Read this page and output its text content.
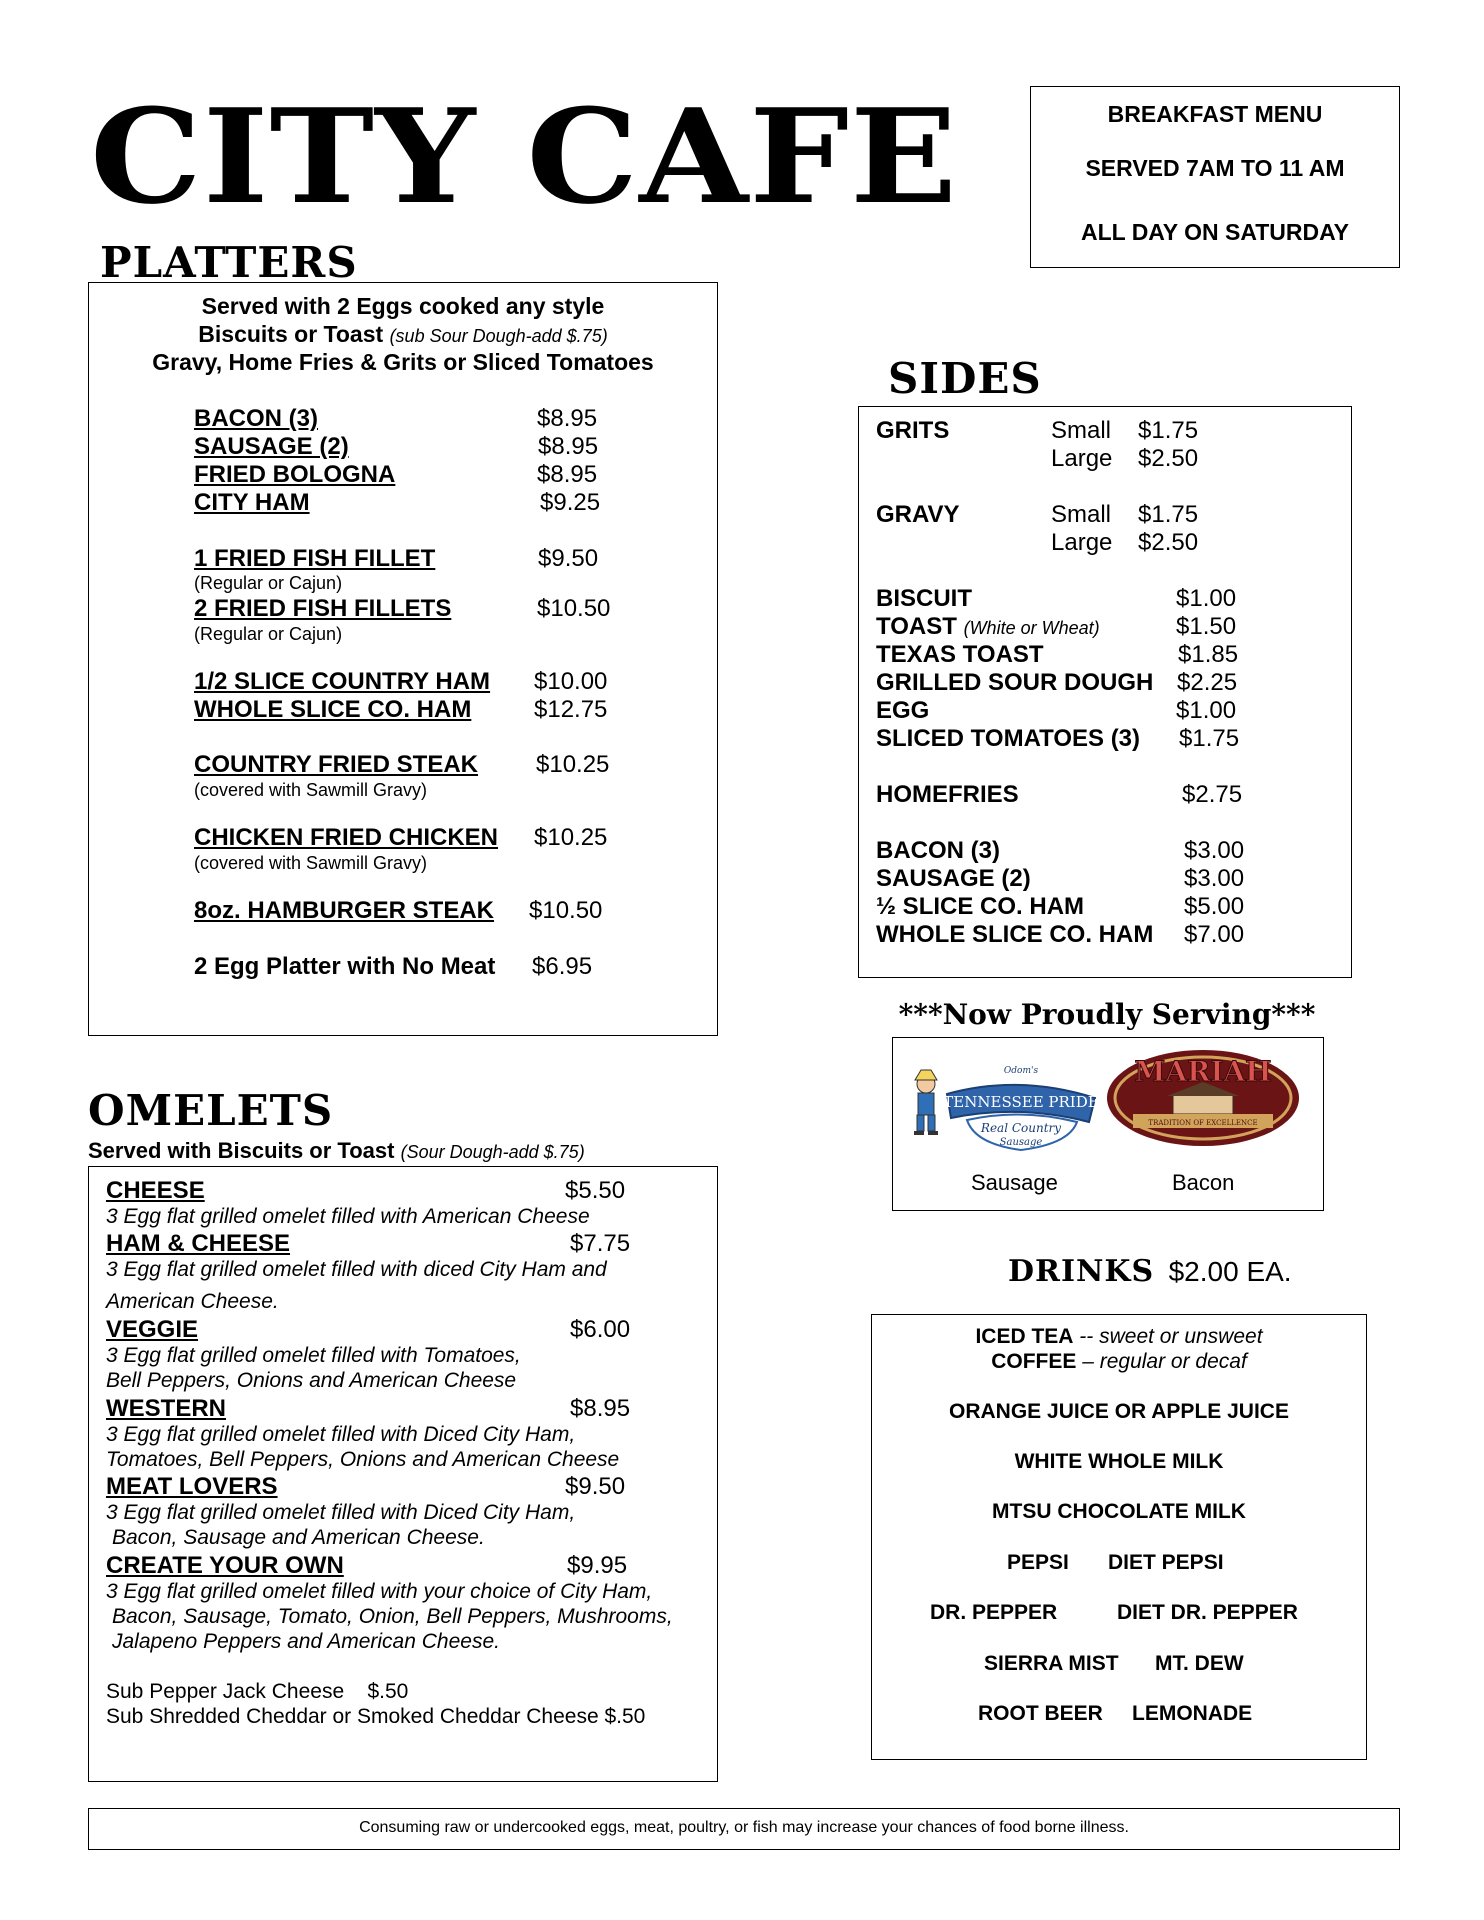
CITY CAFE	BREAKFAST MENU
SERVED 7AM TO 11 AM
ALL DAY ON SATURDAY
PLATTERS
Served with 2 Eggs cooked any style
Biscuits or Toast (sub Sour Dough-add $.75)
Gravy, Home Fries & Grits or Sliced Tomatoes
BACON (3)	$8.95
SAUSAGE (2)	$8.95
FRIED BOLOGNA	$8.95
CITY HAM	$9.25
1 FRIED FISH FILLET	$9.50
(Regular or Cajun)
2 FRIED FISH FILLETS	$10.50
(Regular or Cajun)
1/2 SLICE COUNTRY HAM $10.00
WHOLE SLICE CO. HAM	$12.75
COUNTRY FRIED STEAK $10.25
(covered with Sawmill Gravy)
CHICKEN FRIED CHICKEN $10.25
(covered with Sawmill Gravy)
8oz. HAMBURGER STEAK $10.50
2 Egg Platter with No Meat $6.95
OMELETS
Served with Biscuits or Toast (Sour Dough-add $.75)
CHEESE	$5.50
3 Egg flat grilled omelet filled with American Cheese
HAM & CHEESE	$7.75
3 Egg flat grilled omelet filled with diced City Ham and
American Cheese.
VEGGIE	$6.00
3 Egg flat grilled omelet filled with Tomatoes,
Bell Peppers, Onions and American Cheese
WESTERN	$8.95
3 Egg flat grilled omelet filled with Diced City Ham,
Tomatoes, Bell Peppers, Onions and American Cheese
MEAT LOVERS	$9.50
3 Egg flat grilled omelet filled with Diced City Ham,
Bacon, Sausage and American Cheese.
CREATE YOUR OWN	$9.95
3 Egg flat grilled omelet filled with your choice of City Ham,
Bacon, Sausage, Tomato, Onion, Bell Peppers, Mushrooms,
Jalapeno Peppers and American Cheese.
Sub Pepper Jack Cheese    $.50
Sub Shredded Cheddar or Smoked Cheddar Cheese $.50
SIDES
GRITS	Small $1.75
Large $2.50
GRAVY	Small $1.75
Large $2.50
BISCUIT	$1.00
TOAST (White or Wheat)	$1.50
TEXAS TOAST	$1.85
GRILLED SOUR DOUGH $2.25
EGG	$1.00
SLICED TOMATOES (3) $1.75
HOMEFRIES	$2.75
BACON (3)	$3.00
SAUSAGE (2)	$3.00
½ SLICE CO. HAM	$5.00
WHOLE SLICE CO. HAM $7.00
***Now Proudly Serving***
Odom's
TENNESSEE PRIDE
Real Country
Sausage
MARIAH
TRADITION OF EXCELLENCE
Sausage	Bacon
DRINKS $2.00 EA.
ICED TEA -- sweet or unsweet
COFFEE – regular or decaf
ORANGE JUICE OR APPLE JUICE
WHITE WHOLE MILK
MTSU CHOCOLATE MILK
PEPSI DIET PEPSI
DR. PEPPER	DIET DR. PEPPER
SIERRA MIST MT. DEW
ROOT BEER LEMONADE
Consuming raw or undercooked eggs, meat, poultry, or fish may increase your chances of food borne illness.
